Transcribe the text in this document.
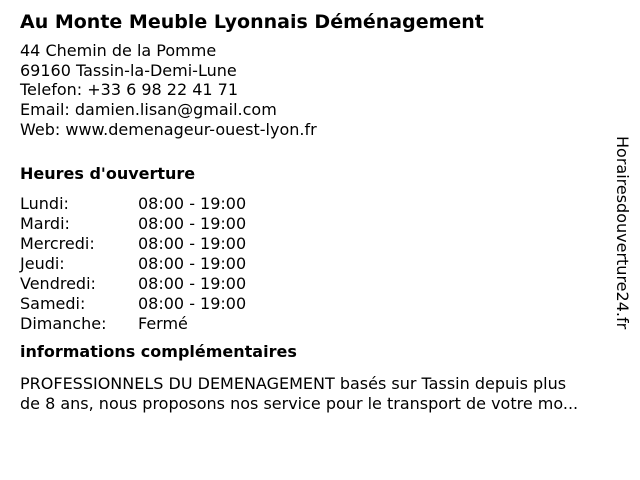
Au Monte Meuble Lyonnais Déménagement
44 Chemin de la Pomme
69160 Tassin-la-Demi-Lune
Telefon: +33 6 98 22 41 71
Email: damien.lisan@gmail.com
Web: www.demenageur-ouest-lyon.fr
Heures d'ouverture
Lundi:	08:00 - 19:00
Mardi:	08:00 - 19:00
Mercredi:	08:00 - 19:00
Jeudi:	08:00 - 19:00
Vendredi:	08:00 - 19:00
Samedi:	08:00 - 19:00
Dimanche:	Fermé
informations complémentaires
PROFESSIONNELS DU DEMENAGEMENT basés sur Tassin depuis plus
de 8 ans, nous proposons nos service pour le transport de votre mo...
Horairesdouverture24.fr
